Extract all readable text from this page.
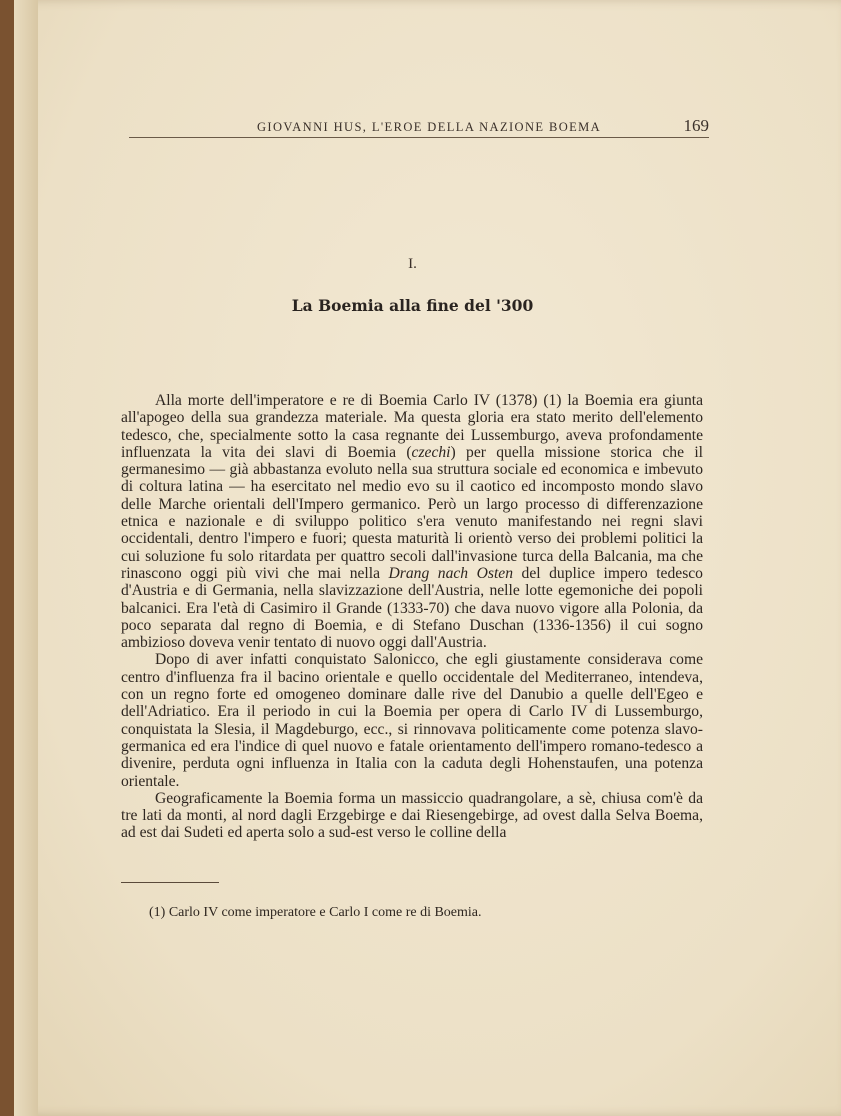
GIOVANNI HUS, L'EROE DELLA NAZIONE BOEMA	169
I.
La Boemia alla fine del '300

Alla morte dell'imperatore e re di Boemia Carlo IV (1378) (1) la Boemia era giunta all'apogeo della sua grandezza materiale. Ma questa gloria era stato merito dell'elemento tedesco, che, specialmente sotto la casa regnante dei Lussemburgo, aveva profondamente influenzata la vita dei slavi di Boemia (czechi) per quella missione storica che il germanesimo — già abbastanza evoluto nella sua struttura sociale ed economica e imbevuto di coltura latina — ha esercitato nel medio evo su il caotico ed incomposto mondo slavo delle Marche orientali dell'Impero germanico. Però un largo processo di differenzazione etnica e nazionale e di sviluppo politico s'era venuto manifestando nei regni slavi occidentali, dentro l'impero e fuori; questa maturità li orientò verso dei problemi politici la cui soluzione fu solo ritardata per quattro secoli dall'invasione turca della Balcania, ma che rinascono oggi più vivi che mai nella Drang nach Osten del duplice impero tedesco d'Austria e di Germania, nella slavizzazione dell'Austria, nelle lotte egemoniche dei popoli balcanici. Era l'età di Casimiro il Grande (1333-70) che dava nuovo vigore alla Polonia, da poco separata dal regno di Boemia, e di Stefano Duschan (1336-1356) il cui sogno ambizioso doveva venir tentato di nuovo oggi dall'Austria.

Dopo di aver infatti conquistato Salonicco, che egli giustamente considerava come centro d'influenza fra il bacino orientale e quello occidentale del Mediterraneo, intendeva, con un regno forte ed omogeneo dominare dalle rive del Danubio a quelle dell'Egeo e dell'Adriatico. Era il periodo in cui la Boemia per opera di Carlo IV di Lussemburgo, conquistata la Slesia, il Magdeburgo, ecc., si rinnovava politicamente come potenza slavo-germanica ed era l'indice di quel nuovo e fatale orientamento dell'impero romano-tedesco a divenire, perduta ogni influenza in Italia con la caduta degli Hohenstaufen, una potenza orientale.

Geograficamente la Boemia forma un massiccio quadrangolare, a sè, chiusa com'è da tre lati da monti, al nord dagli Erzgebirge e dai Riesengebirge, ad ovest dalla Selva Boema, ad est dai Sudeti ed aperta solo a sud-est verso le colline della

(1) Carlo IV come imperatore e Carlo I come re di Boemia.
